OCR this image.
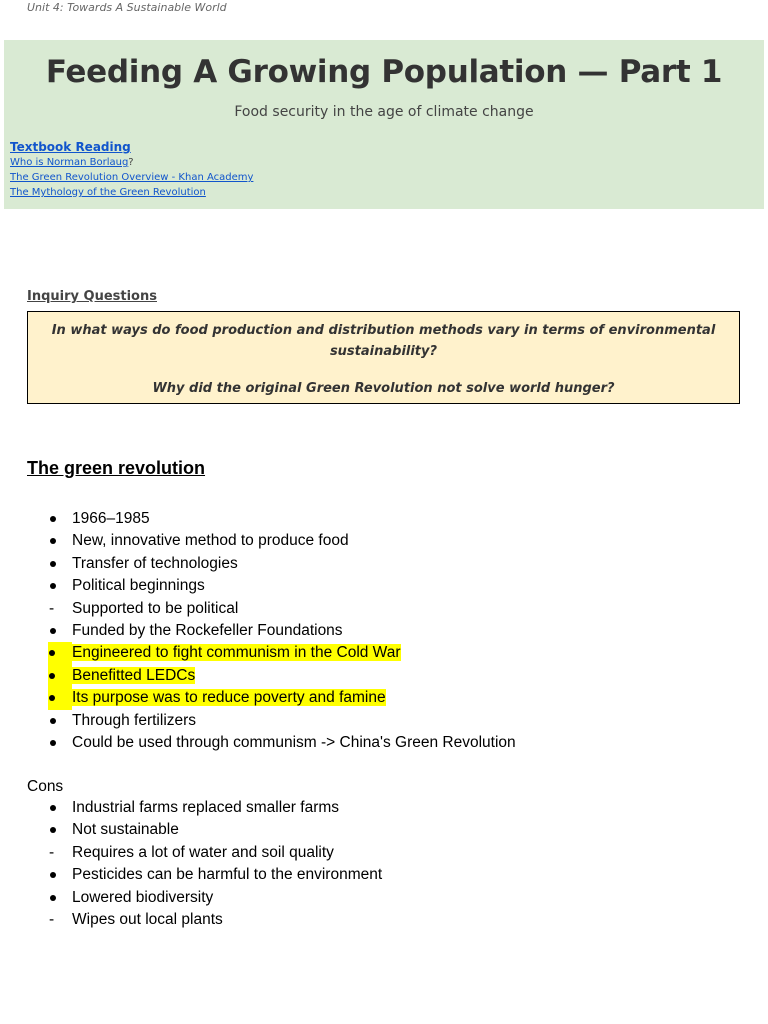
Unit 4: Towards A Sustainable World
Feeding A Growing Population — Part 1
Food security in the age of climate change
Textbook Reading
Who is Norman Borlaug?
The Green Revolution Overview - Khan Academy
The Mythology of the Green Revolution
Inquiry Questions

In what ways do food production and distribution methods vary in terms of environmental sustainability?

Why did the original Green Revolution not solve world hunger?

The green revolution
1966–1985
New, innovative method to produce food
Transfer of technologies
Political beginnings
-	Supported to be political
Funded by the Rockefeller Foundations
Engineered to fight communism in the Cold War
Benefitted LEDCs
Its purpose was to reduce poverty and famine
Through fertilizers
Could be used through communism -> China's Green Revolution
Cons
Industrial farms replaced smaller farms
Not sustainable
-	Requires a lot of water and soil quality
Pesticides can be harmful to the environment
Lowered biodiversity
-	Wipes out local plants
